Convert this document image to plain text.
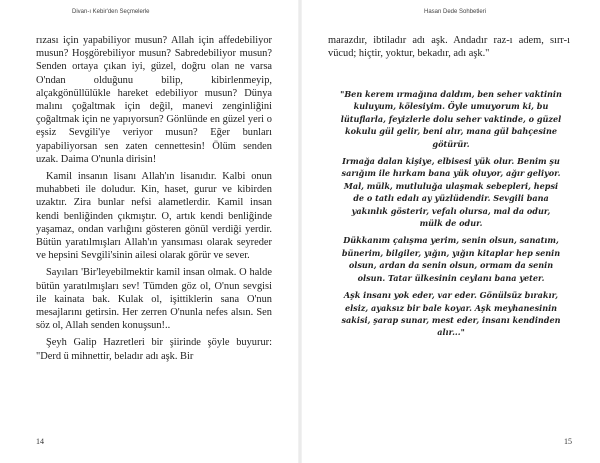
Divan-ı Kebir'den Seçmelerle

rızası için yapabiliyor musun? Allah için affedebiliyor musun? Hoşgörebiliyor musun? Sabredebiliyor musun? Senden ortaya çıkan iyi, güzel, doğru olan ne varsa O'ndan olduğunu bilip, kibirlenmeyip, alçakgönüllülükle hareket edebiliyor musun? Dünya malını çoğaltmak için değil, manevi zenginliğini çoğaltmak için ne yapıyorsun? Gönlünde en güzel yeri o eşsiz Sevgili'ye veriyor musun? Eğer bunları yapabiliyorsan sen zaten cennettesin! Ölüm senden uzak. Daima O'nunla dirisin!

Kamil insanın lisanı Allah'ın lisanıdır. Kalbi onun muhabbeti ile doludur. Kin, haset, gurur ve kibirden uzaktır. Zira bunlar nefsi alametlerdir. Kamil insan kendi benliğinden çıkmıştır. O, artık kendi benliğinde yaşamaz, ondan varlığını gösteren gönül verdiği yerdir. Bütün yaratılmışları Allah'ın yansıması olarak seyreder ve hepsini Sevgili'sinin ailesi olarak görür ve sever.

Sayıları 'Bir'leyebilmektir kamil insan olmak. O halde bütün yaratılmışları sev! Tümden göz ol, O'nun sevgisi ile kainata bak. Kulak ol, işittiklerin sana O'nun mesajlarını getirsin. Her zerren O'nunla nefes alsın. Sen söz ol, Allah senden konuşsun!..

Şeyh Galip Hazretleri bir şiirinde şöyle buyurur: "Derd ü mihnettir, beladır adı aşk. Bir

14
Hasan Dede Sohbetleri

marazdır, ibtiladır adı aşk. Andadır raz-ı adem, sırr-ı vücud; hiçtir, yoktur, bekadır, adı aşk."

"Ben kerem ırmağına daldım, ben seher vaktinin kuluyum, kölesiyim. Öyle umuyorum ki, bu lütuflarla, feyizlerle dolu seher vaktinde, o güzel kokulu gül gelir, beni alır, mana gül bahçesine götürür.

Irmağa dalan kişiye, elbisesi yük olur. Benim şu sarığım ile hırkam bana yük oluyor, ağır geliyor. Mal, mülk, mutluluğa ulaşmak sebepleri, hepsi de o tatlı edalı ay yüzlüdendir. Sevgili bana yakınlık gösterir, vefalı olursa, mal da odur, mülk de odur.

Dükkanım çalışma yerim, senin olsun, sanatım, bünerim, bilgiler, yığın, yığın kitaplar hep senin olsun, ardan da senin olsun, ormam da senin olsun. Tatar ülkesinin ceylanı bana yeter.

Aşk insanı yok eder, var eder. Gönülsüz bırakır, elsiz, ayaksız bir bale koyar. Aşk meyhanesinin sakisi, şarap sunar, mest eder, insanı kendinden alır..."

15
